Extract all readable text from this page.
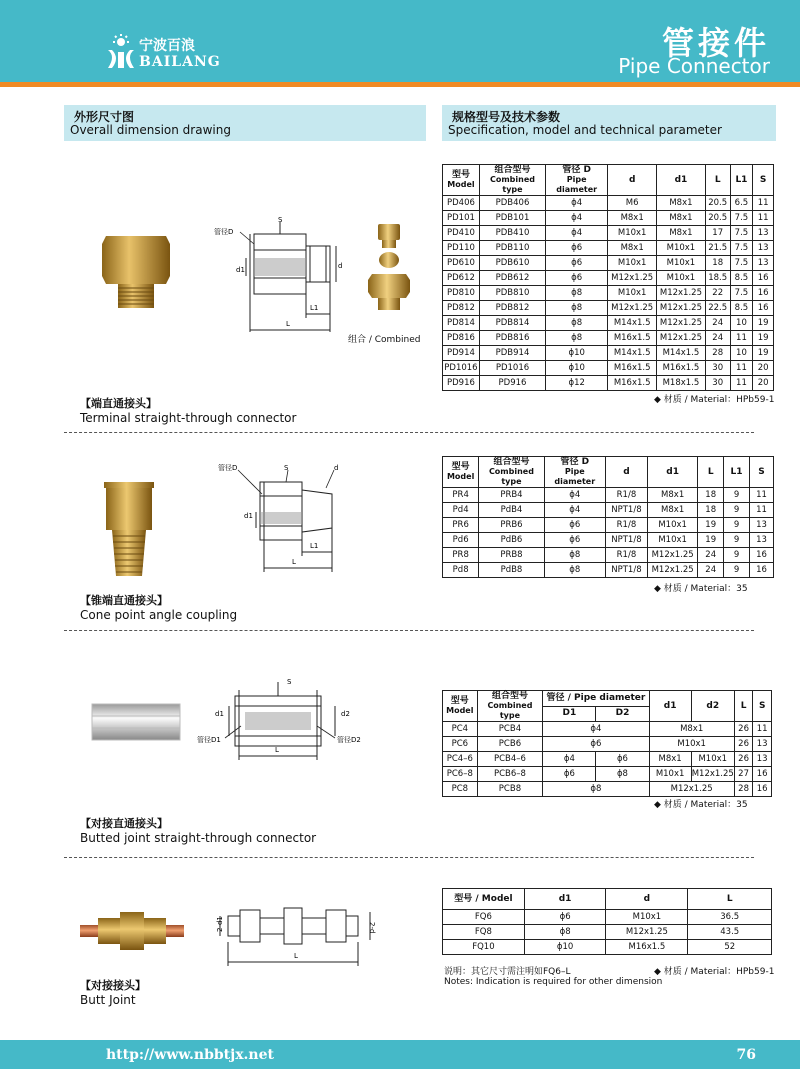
宁波百浪
BAILANG	管接件
Pipe Connector
外形尺寸图
Overall dimension drawing
规格型号及技术参数
Specification, model and technical parameter
管径D
S
d
d1
L1
L
组合 / Combined
型号
Model	组合型号
Combined type	管径 D
Pipe diameter	d	d1	L	L1	S
PD406	PDB406	ϕ4	M6	M8x1	20.5	6.5	11
PD101	PDB101	ϕ4	M8x1	M8x1	20.5	7.5	11
PD410	PDB410	ϕ4	M10x1	M8x1	17	7.5	13
PD110	PDB110	ϕ6	M8x1	M10x1	21.5	7.5	13
PD610	PDB610	ϕ6	M10x1	M10x1	18	7.5	13
PD612	PDB612	ϕ6	M12x1.25	M10x1	18.5	8.5	16
PD810	PDB810	ϕ8	M10x1	M12x1.25	22	7.5	16
PD812	PDB812	ϕ8	M12x1.25	M12x1.25	22.5	8.5	16
PD814	PDB814	ϕ8	M14x1.5	M12x1.25	24	10	19
PD816	PDB816	ϕ8	M16x1.5	M12x1.25	24	11	19
PD914	PDB914	ϕ10	M14x1.5	M14x1.5	28	10	19
PD1016	PD1016	ϕ10	M16x1.5	M16x1.5	30	11	20
PD916	PD916	ϕ12	M16x1.5	M18x1.5	30	11	20
◆ 材质 / Material：HPb59-1
【端直通接头】
Terminal straight-through connector
管径D	S	d
d1
L1
L
型号
Model	组合型号
Combined type	管径 D
Pipe diameter	d	d1	L	L1	S
PR4	PRB4	ϕ4	R1/8	M8x1	18	9	11
Pd4	PdB4	ϕ4	NPT1/8	M8x1	18	9	11
PR6	PRB6	ϕ6	R1/8	M10x1	19	9	13
Pd6	PdB6	ϕ6	NPT1/8	M10x1	19	9	13
PR8	PRB8	ϕ8	R1/8	M12x1.25	24	9	16
Pd8	PdB8	ϕ8	NPT1/8	M12x1.25	24	9	16
◆ 材质 / Material：35
【锥端直通接头】
Cone point angle coupling
S
d1	d2
管径D1	管径D2
L
型号
Model	组合型号
Combined type	管径 / Pipe diameter		d1	d2	L	S
		D1	D2				
PC4	PCB4	ϕ4		M8x1		26	11
PC6	PCB6	ϕ6		M10x1		26	13
PC4–6	PCB4–6	ϕ4	ϕ6	M8x1	M10x1	26	13
PC6–8	PCB6–8	ϕ6	ϕ8	M10x1	M12x1.25	27	16
PC8	PCB8	ϕ8		M12x1.25		28	16
◆ 材质 / Material：35
【对接直通接头】
Butted joint straight-through connector
2-d1	2-d
L
型号 / Model	d1	d	L
FQ6	ϕ6	M10x1	36.5
FQ8	ϕ8	M12x1.25	43.5
FQ10	ϕ10	M16x1.5	52
说明：其它尺寸需注明如FQ6–L
Notes: Indication is required for other dimension
◆ 材质 / Material：HPb59-1
【对接接头】
Butt Joint
http://www.nbbtjx.net	76
